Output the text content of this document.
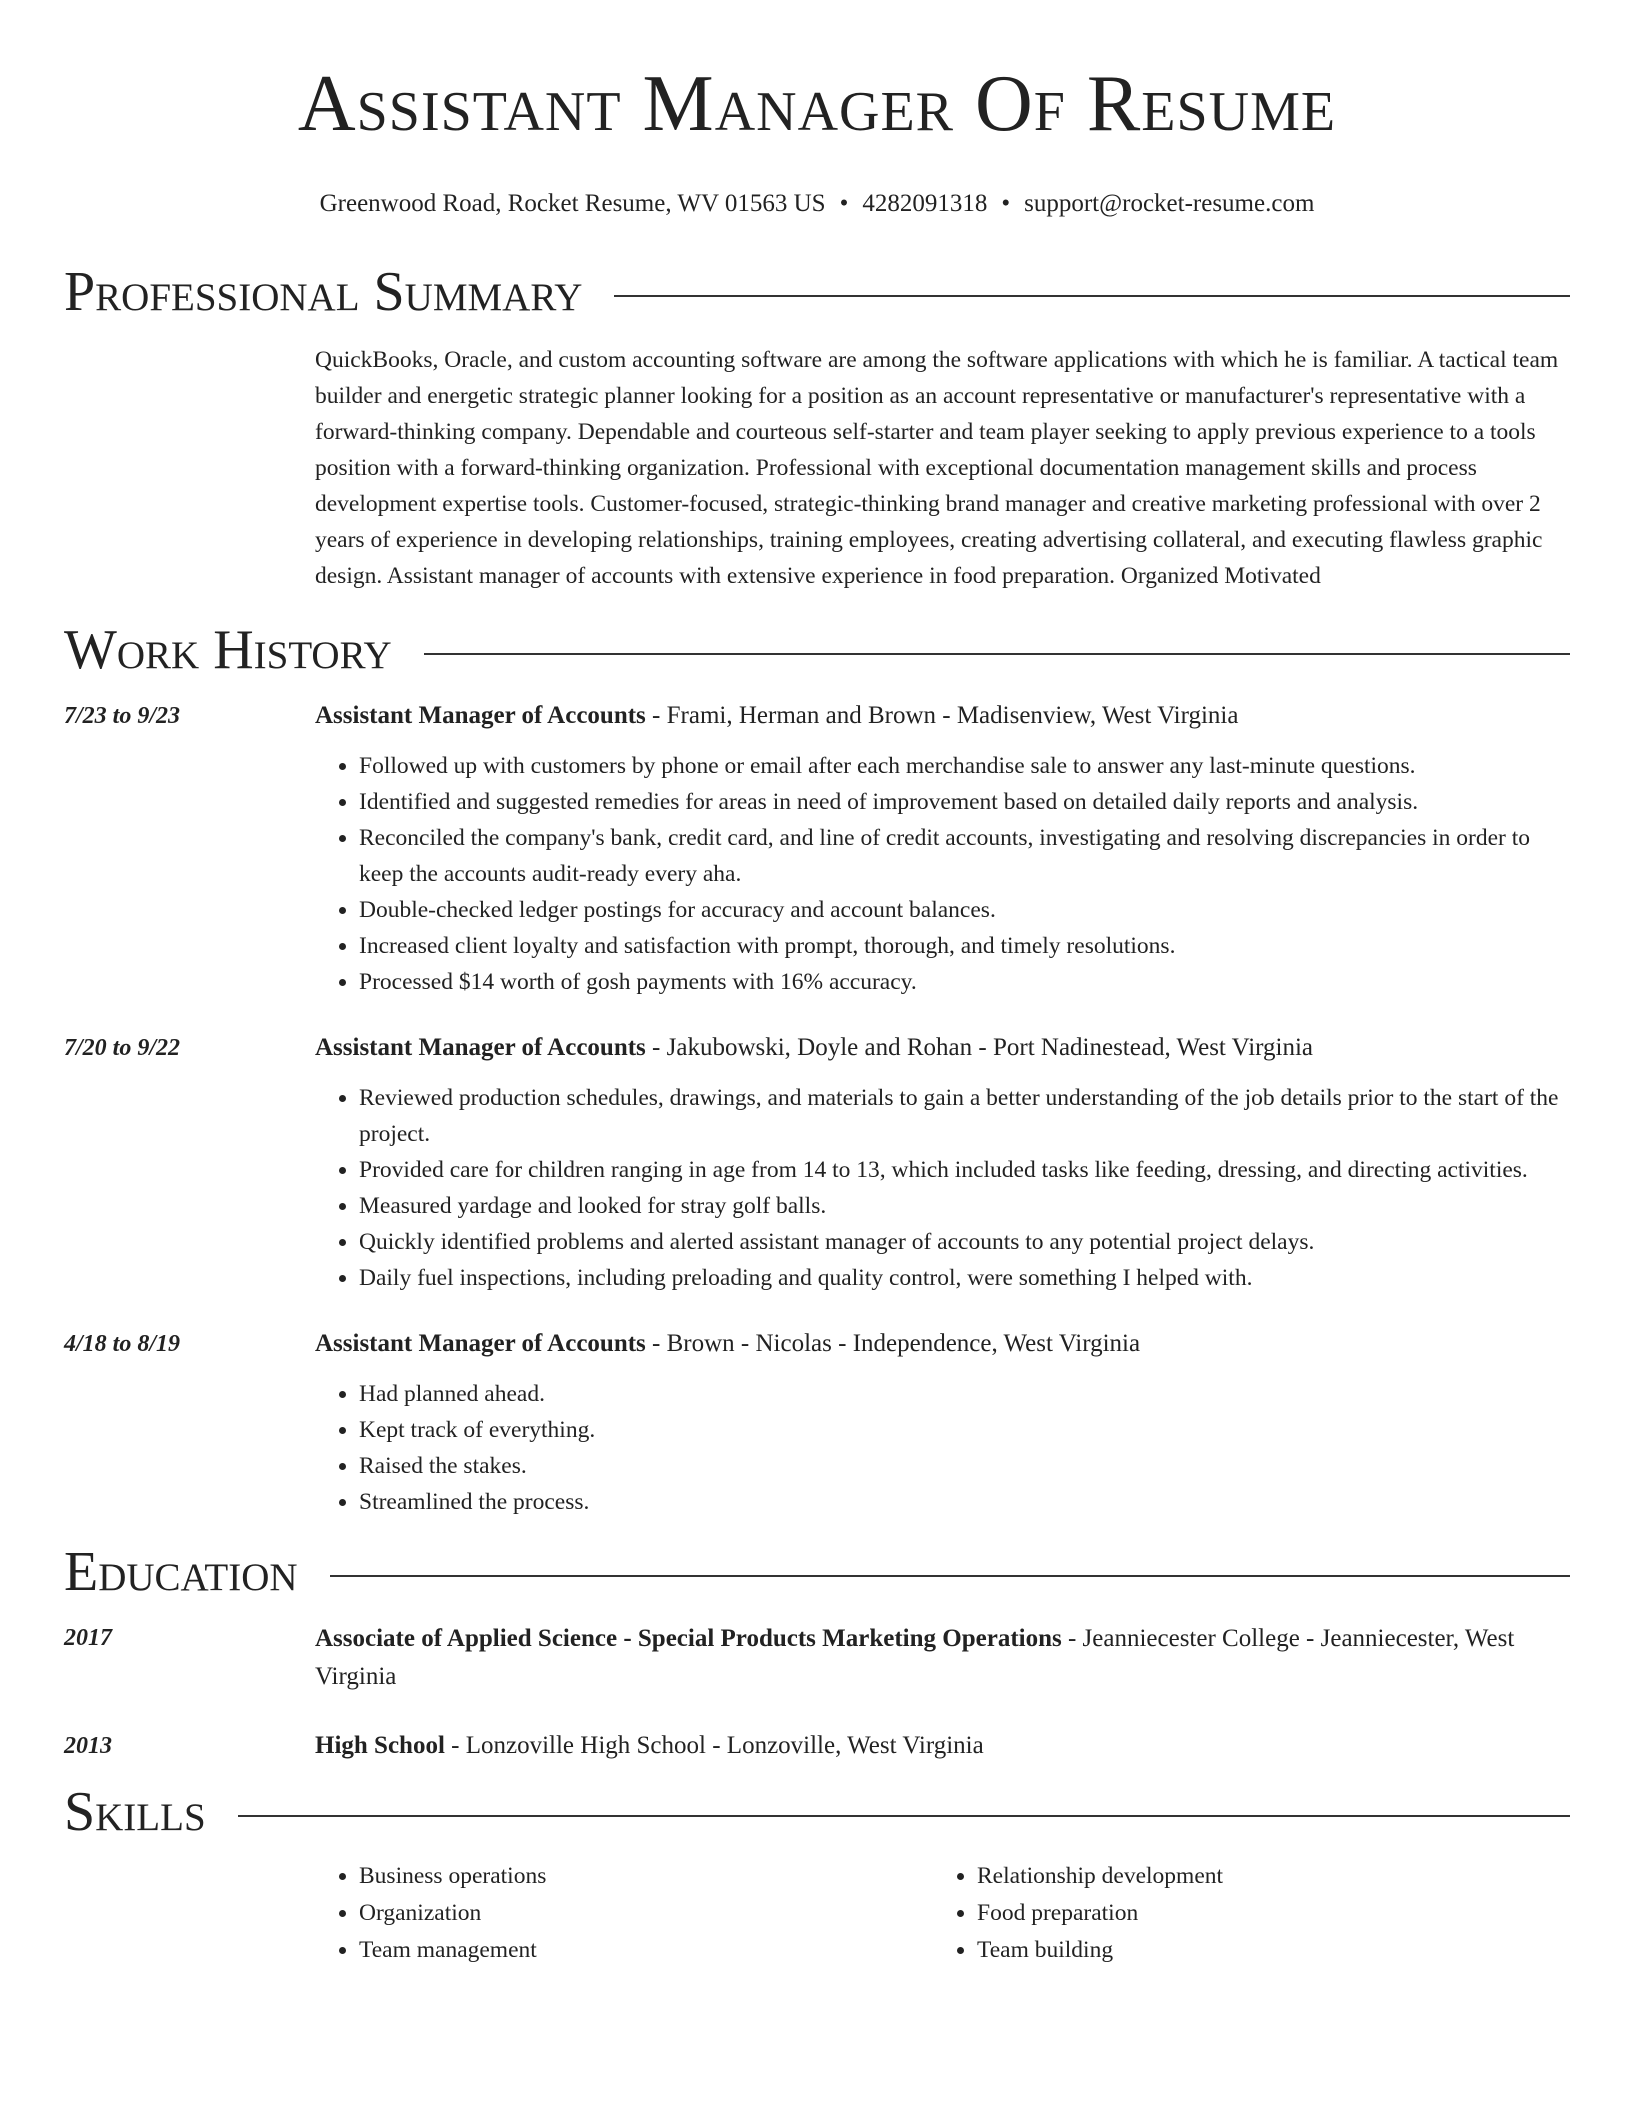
Assistant Manager Of Resume
Greenwood Road, Rocket Resume, WV 01563 US • 4282091318 • support@rocket-resume.com
Professional Summary
QuickBooks, Oracle, and custom accounting software are among the software applications with which he is familiar. A tactical team builder and energetic strategic planner looking for a position as an account representative or manufacturer's representative with a forward-thinking company. Dependable and courteous self-starter and team player seeking to apply previous experience to a tools position with a forward-thinking organization. Professional with exceptional documentation management skills and process development expertise tools. Customer-focused, strategic-thinking brand manager and creative marketing professional with over 2 years of experience in developing relationships, training employees, creating advertising collateral, and executing flawless graphic design. Assistant manager of accounts with extensive experience in food preparation. Organized Motivated
Work History
7/23 to 9/23	Assistant Manager of Accounts - Frami, Herman and Brown - Madisenview, West Virginia
• Followed up with customers by phone or email after each merchandise sale to answer any last-minute questions.
• Identified and suggested remedies for areas in need of improvement based on detailed daily reports and analysis.
• Reconciled the company's bank, credit card, and line of credit accounts, investigating and resolving discrepancies in order to keep the accounts audit-ready every aha.
• Double-checked ledger postings for accuracy and account balances.
• Increased client loyalty and satisfaction with prompt, thorough, and timely resolutions.
• Processed $14 worth of gosh payments with 16% accuracy.
7/20 to 9/22	Assistant Manager of Accounts - Jakubowski, Doyle and Rohan - Port Nadinestead, West Virginia
• Reviewed production schedules, drawings, and materials to gain a better understanding of the job details prior to the start of the project.
• Provided care for children ranging in age from 14 to 13, which included tasks like feeding, dressing, and directing activities.
• Measured yardage and looked for stray golf balls.
• Quickly identified problems and alerted assistant manager of accounts to any potential project delays.
• Daily fuel inspections, including preloading and quality control, were something I helped with.
4/18 to 8/19	Assistant Manager of Accounts - Brown - Nicolas - Independence, West Virginia
• Had planned ahead.
• Kept track of everything.
• Raised the stakes.
• Streamlined the process.
Education
2017	Associate of Applied Science - Special Products Marketing Operations - Jeanniecester College - Jeanniecester, West Virginia
2013	High School - Lonzoville High School - Lonzoville, West Virginia
Skills
• Business operations
• Organization
• Team management
• Relationship development
• Food preparation
• Team building
